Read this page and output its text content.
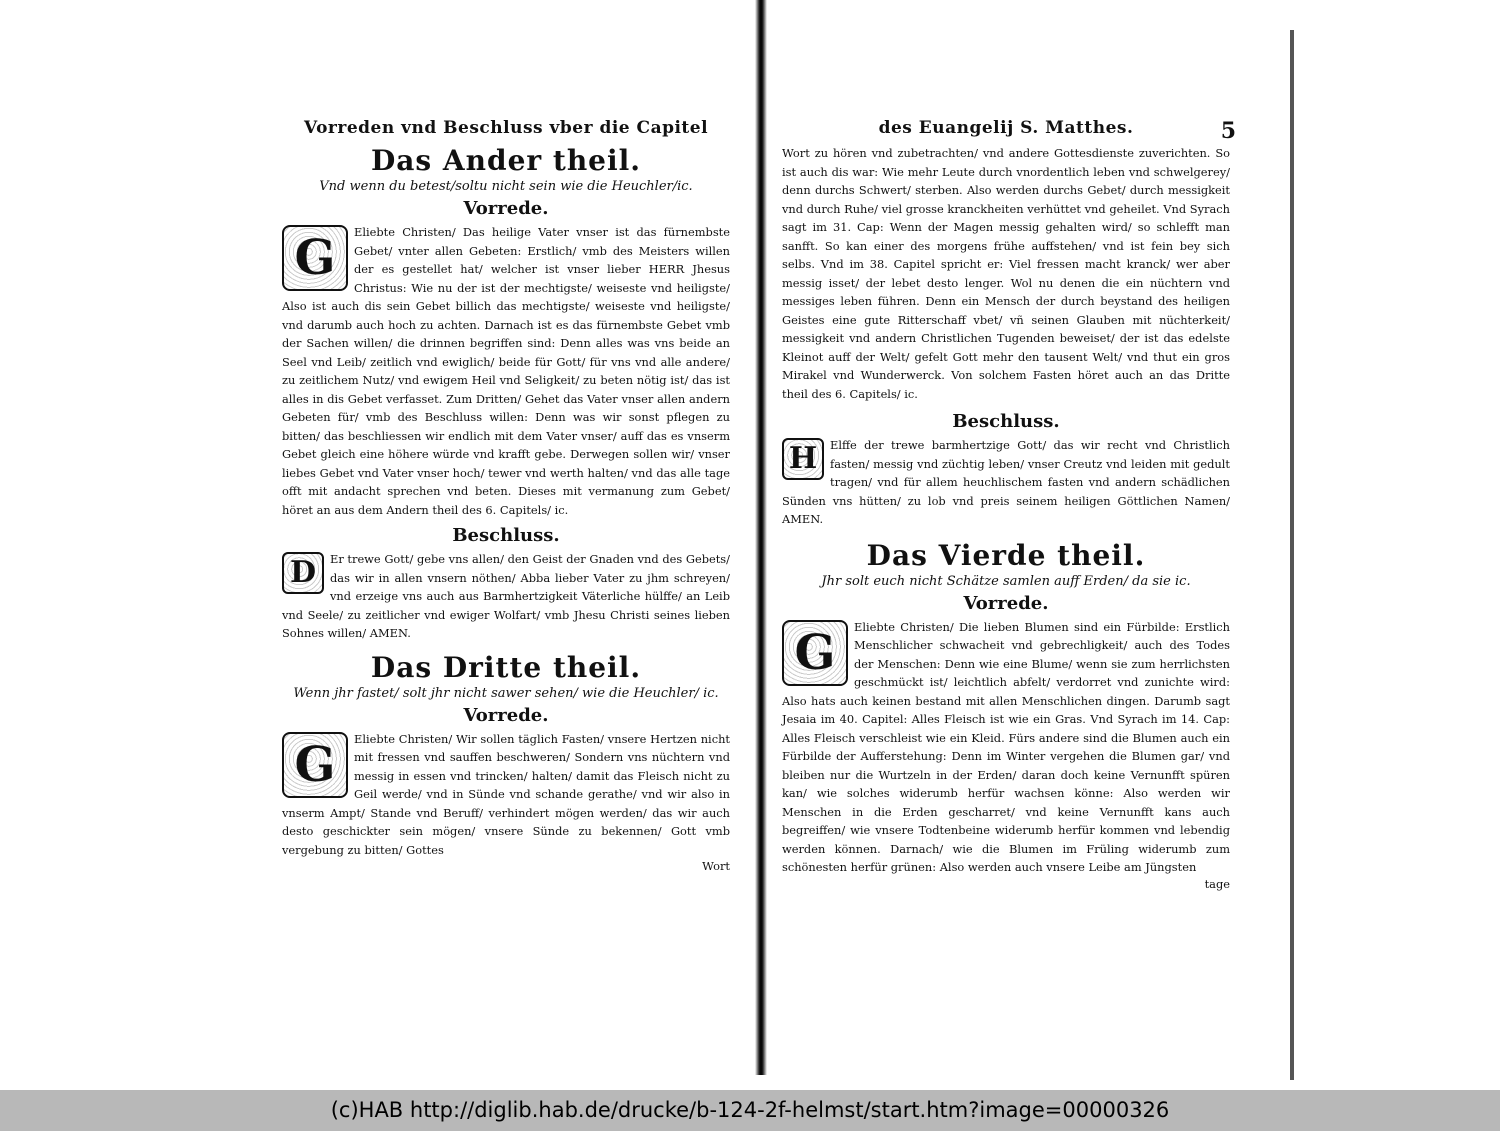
Vorreden vnd Beschluss vber die Capitel
Das Ander theil.
Vnd wenn du betest/soltu nicht sein wie die Heuchler/ic.
Vorrede.
G	Eliebte Christen/ Das heilige Vater vnser ist das fürnembste Gebet/ vnter allen Gebeten: Erstlich/ vmb des Meisters willen der es gestellet hat/ welcher ist vnser lieber HERR Jhesus Christus: Wie nu der ist der mechtigste/ weiseste vnd heiligste/ Also ist auch dis sein Gebet billich das mechtigste/ weiseste vnd heiligste/ vnd darumb auch hoch zu achten. Darnach ist es das fürnembste Gebet vmb der Sachen willen/ die drinnen begriffen sind: Denn alles was vns beide an Seel vnd Leib/ zeitlich vnd ewiglich/ beide für Gott/ für vns vnd alle andere/ zu zeitlichem Nutz/ vnd ewigem Heil vnd Seligkeit/ zu beten nötig ist/ das ist alles in dis Gebet verfasset. Zum Dritten/ Gehet das Vater vnser allen andern Gebeten für/ vmb des Beschluss willen: Denn was wir sonst pflegen zu bitten/ das beschliessen wir endlich mit dem Vater vnser/ auff das es vnserm Gebet gleich eine höhere würde vnd krafft gebe. Derwegen sollen wir/ vnser liebes Gebet vnd Vater vnser hoch/ tewer vnd werth halten/ vnd das alle tage offt mit andacht sprechen vnd beten. Dieses mit vermanung zum Gebet/ höret an aus dem Andern theil des 6. Capitels/ ic.
Beschluss.
D	Er trewe Gott/ gebe vns allen/ den Geist der Gnaden vnd des Gebets/ das wir in allen vnsern nöthen/ Abba lieber Vater zu jhm schreyen/ vnd erzeige vns auch aus Barmhertzigkeit Väterliche hülffe/ an Leib vnd Seele/ zu zeitlicher vnd ewiger Wolfart/ vmb Jhesu Christi seines lieben Sohnes willen/ AMEN.
Das Dritte theil.
Wenn jhr fastet/ solt jhr nicht sawer sehen/ wie die Heuchler/ ic.
Vorrede.
G	Eliebte Christen/ Wir sollen täglich Fasten/ vnsere Hertzen nicht mit fressen vnd sauffen beschweren/ Sondern vns nüchtern vnd messig in essen vnd trincken/ halten/ damit das Fleisch nicht zu Geil werde/ vnd in Sünde vnd schande gerathe/ vnd wir also in vnserm Ampt/ Stande vnd Beruff/ verhindert mögen werden/ das wir auch desto geschickter sein mögen/ vnsere Sünde zu bekennen/ Gott vmb vergebung zu bitten/ Gottes
Wort
des Euangelij S. Matthes.	5
Wort zu hören vnd zubetrachten/ vnd andere Gottesdienste zuverichten. So ist auch dis war: Wie mehr Leute durch vnordentlich leben vnd schwelgerey/ denn durchs Schwert/ sterben. Also werden durchs Gebet/ durch messigkeit vnd durch Ruhe/ viel grosse kranckheiten verhüttet vnd geheilet. Vnd Syrach sagt im 31. Cap: Wenn der Magen messig gehalten wird/ so schlefft man sanfft. So kan einer des morgens frühe auffstehen/ vnd ist fein bey sich selbs. Vnd im 38. Capitel spricht er: Viel fressen macht kranck/ wer aber messig isset/ der lebet desto lenger. Wol nu denen die ein nüchtern vnd messiges leben führen. Denn ein Mensch der durch beystand des heiligen Geistes eine gute Ritterschaff vbet/ vñ seinen Glauben mit nüchterkeit/ messigkeit vnd andern Christlichen Tugenden beweiset/ der ist das edelste Kleinot auff der Welt/ gefelt Gott mehr den tausent Welt/ vnd thut ein gros Mirakel vnd Wunderwerck. Von solchem Fasten höret auch an das Dritte theil des 6. Capitels/ ic.
Beschluss.
H	Elffe der trewe barmhertzige Gott/ das wir recht vnd Christlich fasten/ messig vnd züchtig leben/ vnser Creutz vnd leiden mit gedult tragen/ vnd für allem heuchlischem fasten vnd andern schädlichen Sünden vns hütten/ zu lob vnd preis seinem heiligen Göttlichen Namen/ AMEN.
Das Vierde theil.
Jhr solt euch nicht Schätze samlen auff Erden/ da sie ic.
Vorrede.
G	Eliebte Christen/ Die lieben Blumen sind ein Fürbilde: Erstlich Menschlicher schwacheit vnd gebrechligkeit/ auch des Todes der Menschen: Denn wie eine Blume/ wenn sie zum herrlichsten geschmückt ist/ leichtlich abfelt/ verdorret vnd zunichte wird: Also hats auch keinen bestand mit allen Menschlichen dingen. Darumb sagt Jesaia im 40. Capitel: Alles Fleisch ist wie ein Gras. Vnd Syrach im 14. Cap: Alles Fleisch verschleist wie ein Kleid. Fürs andere sind die Blumen auch ein Fürbilde der Aufferstehung: Denn im Winter vergehen die Blumen gar/ vnd bleiben nur die Wurtzeln in der Erden/ daran doch keine Vernunfft spüren kan/ wie solches widerumb herfür wachsen könne: Also werden wir Menschen in die Erden gescharret/ vnd keine Vernunfft kans auch begreiffen/ wie vnsere Todtenbeine widerumb herfür kommen vnd lebendig werden können. Darnach/ wie die Blumen im Früling widerumb zum schönesten herfür grünen: Also werden auch vnsere Leibe am Jüngsten
tage
(c)HAB http://diglib.hab.de/drucke/b-124-2f-helmst/start.htm?image=00000326
